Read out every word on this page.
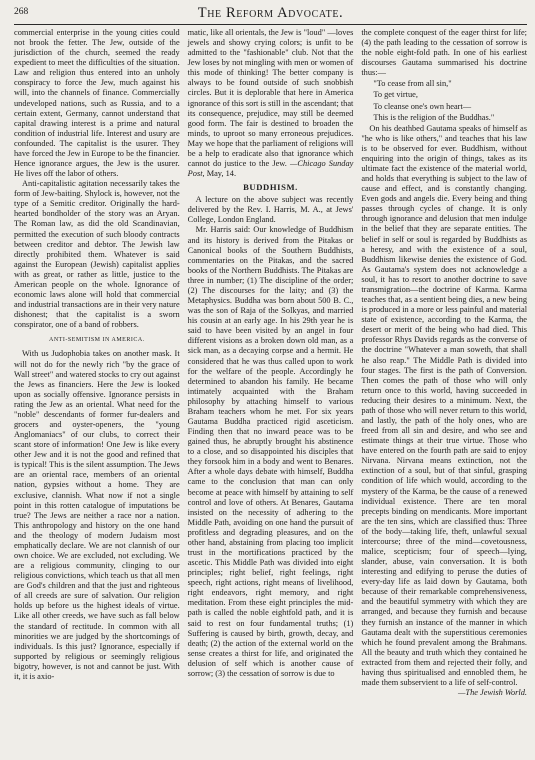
268	The Reform Advocate.

commercial enterprise in the young cities could not brook the fetter. The Jew, outside of the jurisdiction of the church, seemed the ready expedient to meet the difficulties of the situation. Law and religion thus entered into an unholy conspiracy to force the Jew, much against his will, into the channels of finance. Commercially undeveloped nations, such as Russia, and to a certain extent, Germany, cannot understand that capital drawing interest is a prime and natural condition of industrial life. Interest and usury are confounded. The capitalist is the usurer. They have forced the Jew in Europe to be the financier. Hence ignorance argues, the Jew is the usurer. He lives off the labor of others.

Anti-capitalistic agitation necessarily takes the form of Jew-baiting. Shylock is, however, not the type of a Semitic creditor. Originally the hard-hearted bondholder of the story was an Aryan. The Roman law, as did the old Scandinavian, permitted the execution of such bloody contracts between creditor and debtor. The Jewish law directly prohibited them. Whatever is said against the European (Jewish) capitalist applies with as great, or rather as little, justice to the American people on the whole. Ignorance of economic laws alone will hold that commercial and industrial transactions are in their very nature dishonest; that the capitalist is a sworn conspirator, one of a band of robbers.

ANTI-SEMITISM IN AMERICA.

With us Judophobia takes on another mask. It will not do for the newly rich "by the grace of Wall street" and watered stocks to cry out against the Jews as financiers. Here the Jew is looked upon as socially offensive. Ignorance persists in rating the Jew as an oriental. What need for the "noble" descendants of former fur-dealers and grocers and oyster-openers, the "young Anglomaniacs" of our clubs, to correct their scant store of information! One Jew is like every other Jew and it is not the good and refined that is typical! This is the silent assumption. The Jews are an oriental race, members of an oriental nation, gypsies without a home. They are exclusive, clannish. What now if not a single point in this rotten catalogue of imputations be true? The Jews are neither a race nor a nation. This anthropology and history on the one hand and the theology of modern Judaism most emphatically declare. We are not clannish of our own choice. We are excluded, not excluding. We are a religious community, clinging to our religious convictions, which teach us that all men are God's children and that the just and righteous of all creeds are sure of salvation. Our religion holds up before us the highest ideals of virtue. Like all other creeds, we have such as fall below the standard of rectitude. In common with all minorities we are judged by the shortcomings of individuals. Is this just? Ignorance, especially if supported by religious or seemingly religious bigotry, however, is not and cannot be just. With it, it is axio-

matic, like all orientals, the Jew is "loud" —loves jewels and showy crying colors; is unfit to be admitted to the "fashionable" club. Not that the Jew loses by not mingling with men or women of this mode of thinking! The better company is always to be found outside of such snobbish circles. But it is deplorable that here in America ignorance of this sort is still in the ascendant; that its consequence, prejudice, may still be deemed good form. The fair is destined to broaden the minds, to uproot so many erroneous prejudices. May we hope that the parliament of religions will be a help to eradicate also that ignorance which cannot do justice to the Jew. —Chicago Sunday Post, May, 14.

BUDDHISM.

A lecture on the above subject was recently delivered by the Rev. I. Harris, M. A., at Jews' College, London England.

Mr. Harris said: Our knowledge of Buddhism and its history is derived from the Pitakas or Canonical books of the Southern Buddhists, commentaries on the Pitakas, and the sacred books of the Northern Buddhists. The Pitakas are three in number; (1) The discipline of the order; (2) The discourses for the laity; and (3) the Metaphysics. Buddha was born about 500 B. C., was the son of Raja of the Solkyas, and married his cousin at an early age. In his 29th year he is said to have been visited by an angel in four different visions as a broken down old man, as a sick man, as a decaying corpse and a hermit. He considered that he was thus called upon to work for the welfare of the people. Accordingly he determined to abandon his family. He became intimately acquainted with the Braham philosophy by attaching himself to various Braham teachers whom he met. For six years Gautama Buddha practiced rigid asceticism. Finding then that no inward peace was to be gained thus, he abruptly brought his abstinence to a close, and so disappointed his disciples that they forsook him in a body and went to Benares. After a whole days debate with himself, Buddha came to the conclusion that man can only become at peace with himself by attaining to self control and love of others. At Benares, Gautama insisted on the necessity of adhering to the Middle Path, avoiding on one hand the pursuit of profitless and degrading pleasures, and on the other hand, abstaining from placing too implicit trust in the mortifications practiced by the ascetic. This Middle Path was divided into eight principles; right belief, right feelings, right speech, right actions, right means of livelihood, right endeavors, right memory, and right meditation. From these eight principles the mid-path is called the noble eightfold path, and it is said to rest on four fundamental truths; (1) Suffering is caused by birth, growth, decay, and death; (2) the action of the external world on the sense creates a thirst for life, and originated the delusion of self which is another cause of sorrow; (3) the cessation of sorrow is due to

the complete conquest of the eager thirst for life; (4) the path leading to the cessation of sorrow is the noble eight-fold path. In one of his earliest discourses Gautama summarised his doctrine thus:—

"To cease from all sin,"

To get virtue,

To cleanse one's own heart—

This is the religion of the Buddhas."

On his deathbed Gautama speaks of himself as "he who is like others," and teaches that his law is to be observed for ever. Buddhism, without enquiring into the origin of things, takes as its ultimate fact the existence of the material world, and holds that everything is subject to the law of cause and effect, and is constantly changing. Even gods and angels die. Every being and thing passes through cycles of change. It is only through ignorance and delusion that men indulge in the belief that they are separate entities. The belief in self or soul is regarded by Buddhists as a heresy, and with the existence of a soul, Buddhism likewise denies the existence of God. As Gautama's system does not acknowledge a soul, it has to resort to another doctrine to save transmigration—the doctrine of Karma. Karma teaches that, as a sentient being dies, a new being is produced in a more or less painful and material state of existence, according to the Karma, the desert or merit of the being who had died. This professor Rhys Davids regards as the converse of the doctrine "Whatever a man soweth, that shall he also reap." The Middle Path is divided into four stages. The first is the path of Conversion. Then comes the path of those who will only return once to this world, having succeeded in reducing their desires to a minimum. Next, the path of those who will never return to this world, and lastly, the path of the holy ones, who are freed from all sin and desire, and who see and estimate things at their true virtue. Those who have entered on the fourth path are said to enjoy Nirvana. Nirvana means extinction, not the extinction of a soul, but of that sinful, grasping condition of life which would, according to the mystery of the Karma, be the cause of a renewed individual existence. There are ten moral precepts binding on mendicants. More important are the ten sins, which are classified thus: Three of the body—taking life, theft, unlawful sexual intercourse; three of the mind—covetousness, malice, scepticism; four of speech—lying, slander, abuse, vain conversation. It is both interesting and edifying to peruse the duties of every-day life as laid down by Gautama, both because of their remarkable comprehensiveness, and the beautiful symmetry with which they are arranged, and because they furnish and because they furnish an instance of the manner in which Gautama dealt with the superstitious ceremonies which he found prevalent among the Brahmans. All the beauty and truth which they contained he extracted from them and rejected their folly, and having thus spiritualised and ennobled them, he made them subservient to a life of self-control.

—The Jewish World.
